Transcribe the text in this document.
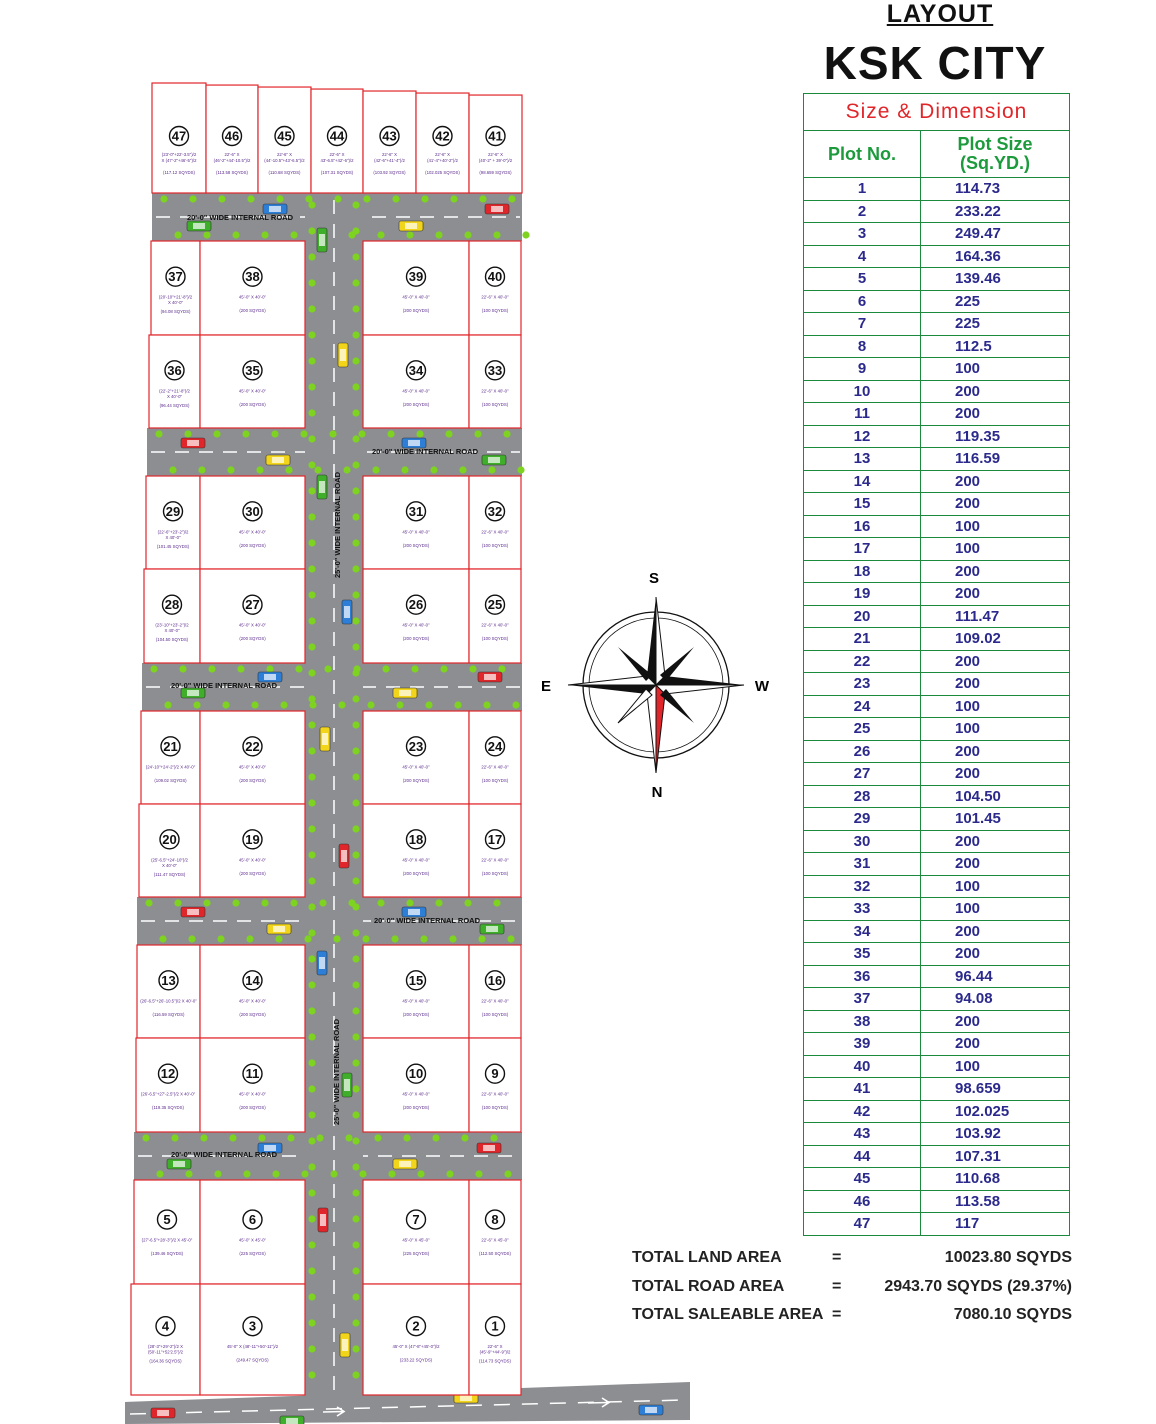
LAYOUT
KSK CITY
47
(23'-0"+22'-3.5")/2
X (47'-2"+46'-5")/2
(117.12 SQYDS)
46
22'-6" X
(46'-2"+44'-10.5")/2
(113.58 SQYDS)
45
22'-6" X
(44'-10.5"+43'-6.5")/2
(110.68 SQYDS)
44
22'-6" X
43'-6.5"+42'-6")/2
(107.31 SQYDS)
43
22'-6" X
(42'-6"+41'-4")/2
(103.92 SQYDS)
42
22'-6" X
(41'-4"+40'-2")/2
(102.025 SQYDS)
41
22'-6" X
(40'-2" + 39'-0")/2
(98.659 SQYDS)
37
(20'-10"+21'-8")/2
X 40'-0"
(94.08 SQYDS)
38
45'-0" X 40'-0"
(200 SQYDS)
39
45'-0" X 40'-0"
(200 SQYDS)
40
22'-6" X 40'-0"
(100 SQYDS)
36
(22'-2"+21'-8")/2
X 40'-0"
(96.44 SQYDS)
35
45'-0" X 40'-0"
(200 SQYDS)
34
45'-0" X 40'-0"
(200 SQYDS)
33
22'-6" X 40'-0"
(100 SQYDS)
29
(22'-6"+23'-2")/2
X 40'-0"
(101.45 SQYDS)
30
45'-0" X 40'-0"
(200 SQYDS)
31
45'-0" X 40'-0"
(200 SQYDS)
32
22'-6" X 40'-0"
(100 SQYDS)
28
(23'-10"+23'-2")/2
X 40'-0"
(104.50 SQYDS)
27
45'-0" X 40'-0"
(200 SQYDS)
26
45'-0" X 40'-0"
(200 SQYDS)
25
22'-6" X 40'-0"
(100 SQYDS)
21
(24'-10"+24'-2")/2 X 40'-0"
(109.02 SQYDS)
22
45'-0" X 40'-0"
(200 SQYDS)
23
45'-0" X 40'-0"
(200 SQYDS)
24
22'-6" X 40'-0"
(100 SQYDS)
20
(25'-6.5"+24'-10")/2
X 40'-0"
(111.47 SQYDS)
19
45'-0" X 40'-0"
(200 SQYDS)
18
45'-0" X 40'-0"
(200 SQYDS)
17
22'-6" X 40'-0"
(100 SQYDS)
13
(26'-6.5"+26'-10.5")/2 X 40'-0"
(116.59 SQYDS)
14
45'-0" X 40'-0"
(200 SQYDS)
15
45'-0" X 40'-0"
(200 SQYDS)
16
22'-6" X 40'-0"
(100 SQYDS)
12
(26'-6.5"+27'-2.5")/2 X 40'-0"
(119.35 SQYDS)
11
45'-0" X 40'-0"
(200 SQYDS)
10
45'-0" X 40'-0"
(200 SQYDS)
9
22'-6" X 40'-0"
(100 SQYDS)
5
(27'-6.5"+28'-3")/2 X 45'-0"
(139.46 SQYDS)
6
45'-0" X 45'-0"
(225 SQYDS)
7
45'-0" X 45'-0"
(225 SQYDS)
8
22'-6" X 45'-0"
(112.50 SQYDS)
4
(28'-3"+29'-2")/2 X
(50'-11"+52'2.5")/2
(164.36 SQYDS)
3
45'-0" X (48'-11"+50'-11")/2
(249.47 SQYDS)
2
45'-0" X (47'-8"+45'-0")/2
(233.22 SQYDS)
1
22'-6" X
(45'-9"+44'-9")/2
(114.73 SQYDS)
20'-0" WIDE INTERNAL ROAD
20'-0" WIDE INTERNAL ROAD
20'-0" WIDE INTERNAL ROAD
20'-0" WIDE INTERNAL ROAD
20'-0" WIDE INTERNAL ROAD
25'-0" WIDE INTERNAL ROAD
25'-0" WIDE INTERNAL ROAD
S
N
E	W
Size & Dimension	
Plot No.	Plot Size
(Sq.YD.)
1	114.73
2	233.22
3	249.47
4	164.36
5	139.46
6	225
7	225
8	112.5
9	100
10	200
11	200
12	119.35
13	116.59
14	200
15	200
16	100
17	100
18	200
19	200
20	111.47
21	109.02
22	200
23	200
24	100
25	100
26	200
27	200
28	104.50
29	101.45
30	200
31	200
32	100
33	100
34	200
35	200
36	96.44
37	94.08
38	200
39	200
40	100
41	98.659
42	102.025
43	103.92
44	107.31
45	110.68
46	113.58
47	117
TOTAL LAND AREA	=	10023.80 SQYDS
TOTAL ROAD AREA	=	2943.70 SQYDS (29.37%)
TOTAL SALEABLE AREA =	7080.10 SQYDS
